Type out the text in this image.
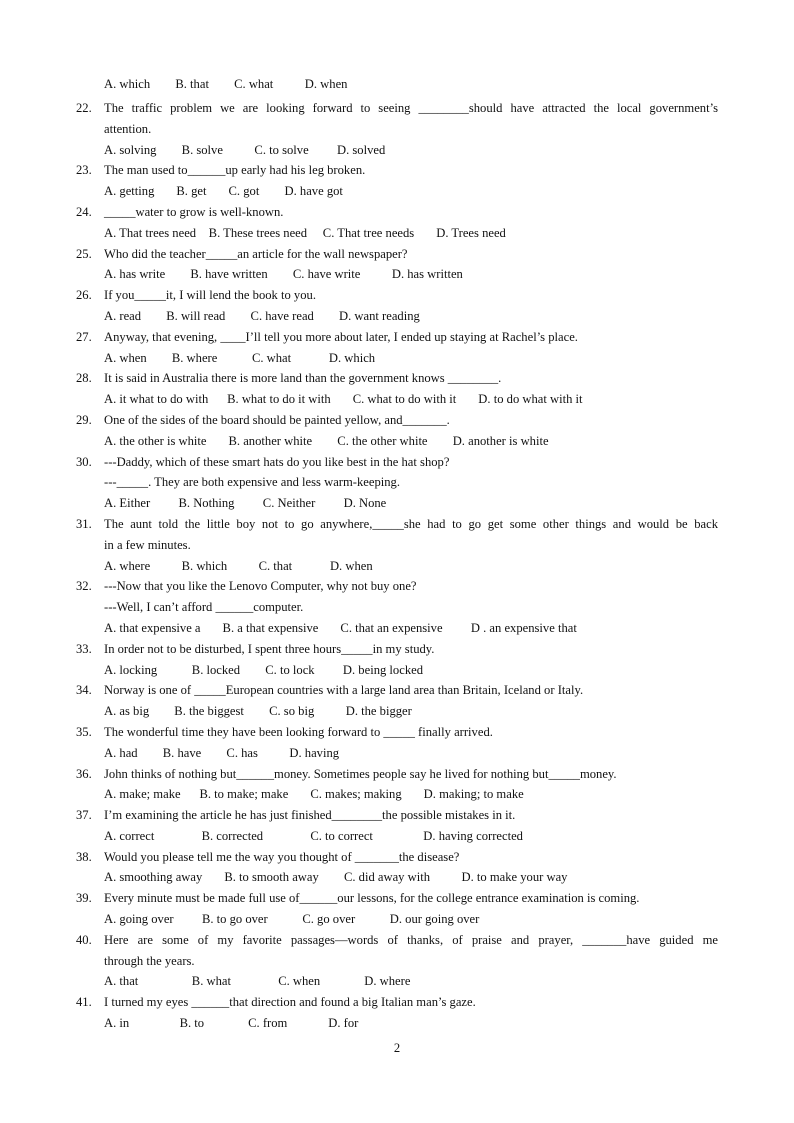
A. which        B. that        C. what          D. when
22. The traffic problem we are looking forward to seeing ________should have attracted the local government’s
attention.
A. solving        B. solve          C. to solve         D. solved
23. The man used to______up early had his leg broken.
A. getting       B. get       C. got        D. have got
24. _____water to grow is well-known.
A. That trees need    B. These trees need     C. That tree needs       D. Trees need
25. Who did the teacher_____an article for the wall newspaper?
A. has write        B. have written        C. have write          D. has written
26. If you_____it, I will lend the book to you.
A. read        B. will read        C. have read        D. want reading
27. Anyway, that evening, ____I’ll tell you more about later, I ended up staying at Rachel’s place.
A. when        B. where           C. what            D. which
28. It is said in Australia there is more land than the government knows ________.
A. it what to do with      B. what to do it with       C. what to do with it       D. to do what with it
29. One of the sides of the board should be painted yellow, and_______.
A. the other is white       B. another white        C. the other white        D. another is white
30. ---Daddy, which of these smart hats do you like best in the hat shop?
---_____. They are both expensive and less warm-keeping.
A. Either         B. Nothing         C. Neither         D. None
31. The aunt told the little boy not to go anywhere,_____she had to go get some other things and would be back
in a few minutes.
A. where          B. which          C. that            D. when
32. ---Now that you like the Lenovo Computer, why not buy one?
---Well, I can’t afford ______computer.
A. that expensive a       B. a that expensive       C. that an expensive         D . an expensive that
33. In order not to be disturbed, I spent three hours_____in my study.
A. locking           B. locked        C. to lock         D. being locked
34. Norway is one of _____European countries with a large land area than Britain, Iceland or Italy.
A. as big        B. the biggest        C. so big          D. the bigger
35. The wonderful time they have been looking forward to _____ finally arrived.
A. had        B. have        C. has          D. having
36. John thinks of nothing but______money. Sometimes people say he lived for nothing but_____money.
A. make; make      B. to make; make       C. makes; making       D. making; to make
37. I’m examining the article he has just finished________the possible mistakes in it.
A. correct               B. corrected               C. to correct                D. having corrected
38. Would you please tell me the way you thought of _______the disease?
A. smoothing away       B. to smooth away        C. did away with          D. to make your way
39. Every minute must be made full use of______our lessons, for the college entrance examination is coming.
A. going over         B. to go over           C. go over           D. our going over
40. Here are some of my favorite passages—words of thanks, of praise and prayer, _______have guided me
through the years.
A. that                 B. what               C. when              D. where
41. I turned my eyes ______that direction and found a big Italian man’s gaze.
A. in                B. to              C. from             D. for
2
